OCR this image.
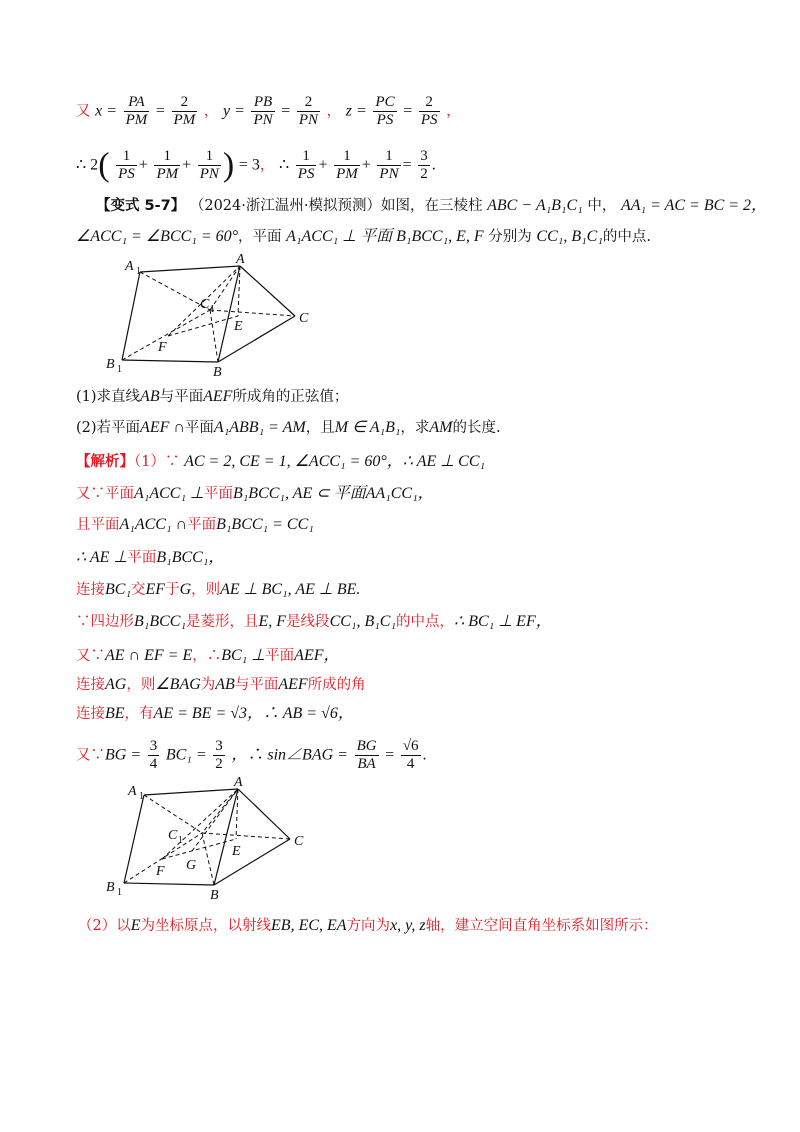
又 $x = \frac{PA}{PM} = \frac{2}{PM}$ ， $y = \frac{PB}{PN} = \frac{2}{PN}$ ， $z = \frac{PC}{PS} = \frac{2}{PS}$ ，
∴ $2( \frac{1}{PS} + \frac{1}{PM} + \frac{1}{PN}$ ) = 3， ∴ $\frac{1}{PS} + \frac{1}{PM} + \frac{1}{PN} = \frac{3}{2}$ .
【变式 5-7】 （2024·浙江温州·模拟预测）如图，在三棱柱 ABC − A₁B₁C₁ 中， AA₁ = AC = BC = 2，
∠ACC₁ = ∠BCC₁ = 60°，平面 A₁ACC₁ ⊥ 平面 B₁BCC₁, E, F 分别为 CC₁, B₁C₁的中点.
A 1
A
C 1
E
C
B 1
F
B
(1)求直线AB与平面AEF所成角的正弦值；
(2)若平面AEF ∩平面A₁ABB₁ = AM，且M ∈ A₁B₁，求AM的长度.
【解析】（1）∵ AC = 2, CE = 1, ∠ACC₁ = 60°，∴ AE ⊥ CC₁
又∵平面A₁ACC₁ ⊥平面B₁BCC₁, AE ⊂ 平面AA₁CC₁，
且平面A₁ACC₁ ∩平面B₁BCC₁ = CC₁
∴ AE ⊥平面B₁BCC₁，
连接BC₁交EF于G，则AE ⊥ BC₁, AE ⊥ BE.
∵四边形B₁BCC₁是菱形，且E, F是线段CC₁, B₁C₁的中点，∴ BC₁ ⊥ EF，
又∵AE ∩ EF = E，∴BC₁ ⊥平面AEF，
连接AG，则∠BAG为AB与平面AEF所成的角
连接BE，有AE = BE = √3，∴ AB = √6，
又∵BG = $\frac{3}{4} BC_1 = \frac{3}{2}$ ，∴ sin∠BAG = $\frac{BG}{BA} = \frac{√6}{4}$ .
A 1
A
C 1
E
C
G
B 1
F
B
（2）以E为坐标原点，以射线EB, EC, EA方向为x, y, z轴，建立空间直角坐标系如图所示：
